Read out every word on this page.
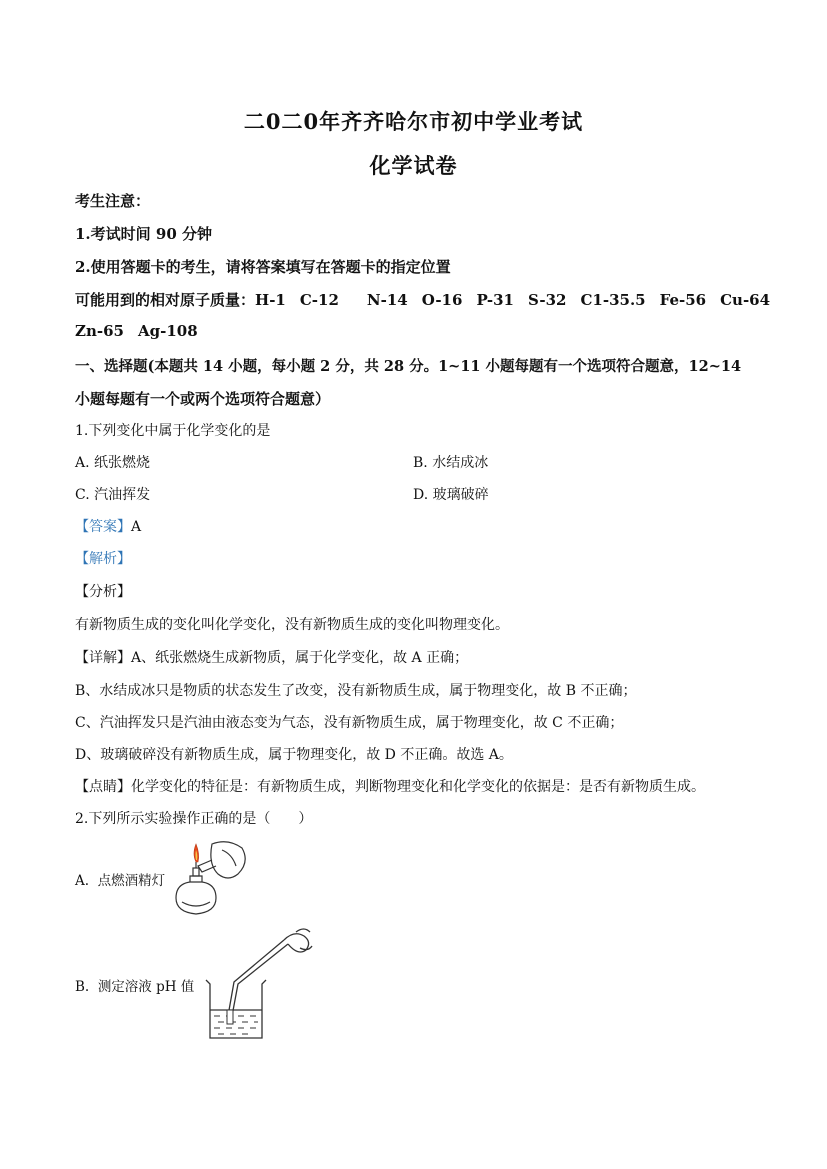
二0二0年齐齐哈尔市初中学业考试
化学试卷
考生注意：
1.考试时间 90 分钟
2.使用答题卡的考生，请将答案填写在答题卡的指定位置
可能用到的相对原子质量：H-1 C-12 N-14 O-16 P-31 S-32 C1-35.5 Fe-56 Cu-64
Zn-65 Ag-108
一、选择题(本题共 14 小题，每小题 2 分，共 28 分。1~11 小题每题有一个选项符合题意，12~14
小题每题有一个或两个选项符合题意）
1.下列变化中属于化学变化的是
A. 纸张燃烧	B. 水结成冰
C. 汽油挥发	D. 玻璃破碎
【答案】A
【解析】
【分析】
有新物质生成的变化叫化学变化，没有新物质生成的变化叫物理变化。
【详解】A、纸张燃烧生成新物质，属于化学变化，故 A 正确；
B、水结成冰只是物质的状态发生了改变，没有新物质生成，属于物理变化，故 B 不正确；
C、汽油挥发只是汽油由液态变为气态，没有新物质生成，属于物理变化，故 C 不正确；
D、玻璃破碎没有新物质生成，属于物理变化，故 D 不正确。故选 A。
【点睛】化学变化的特征是：有新物质生成，判断物理变化和化学变化的依据是：是否有新物质生成。
2.下列所示实验操作正确的是（　　）
A. 点燃酒精灯
B. 测定溶液 pH 值
